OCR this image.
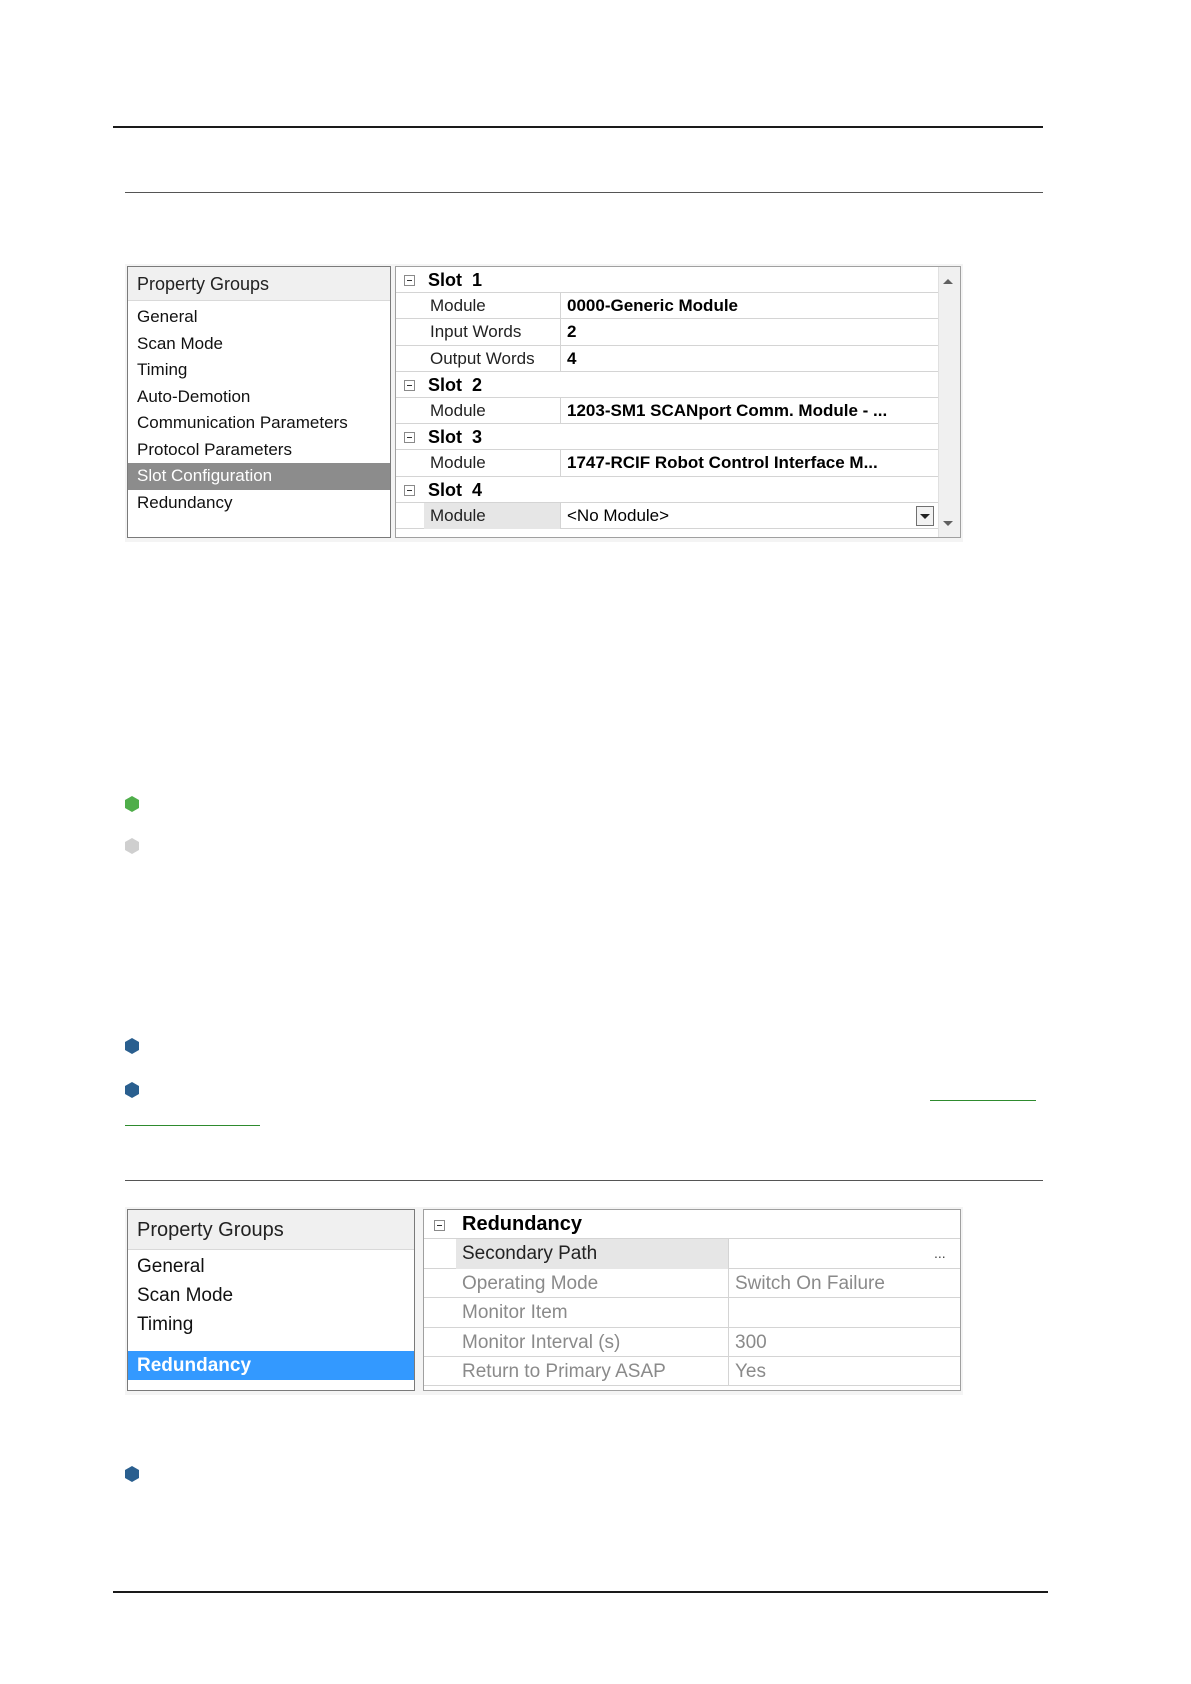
Property Groups
General
Scan Mode
Timing
Auto-Demotion
Communication Parameters
Protocol Parameters
Slot Configuration
Redundancy
Slot  1
Module	0000-Generic Module
Input Words	2
Output Words	4
Slot  2
Module	1203-SM1 SCANport Comm. Module - ...
Slot  3
Module	1747-RCIF Robot Control Interface M...
Slot  4
Module	<No Module>
Property Groups
General
Scan Mode
Timing
Redundancy
Redundancy
Secondary Path	...
Operating Mode	Switch On Failure
Monitor Item
Monitor Interval (s)	300
Return to Primary ASAP	Yes
